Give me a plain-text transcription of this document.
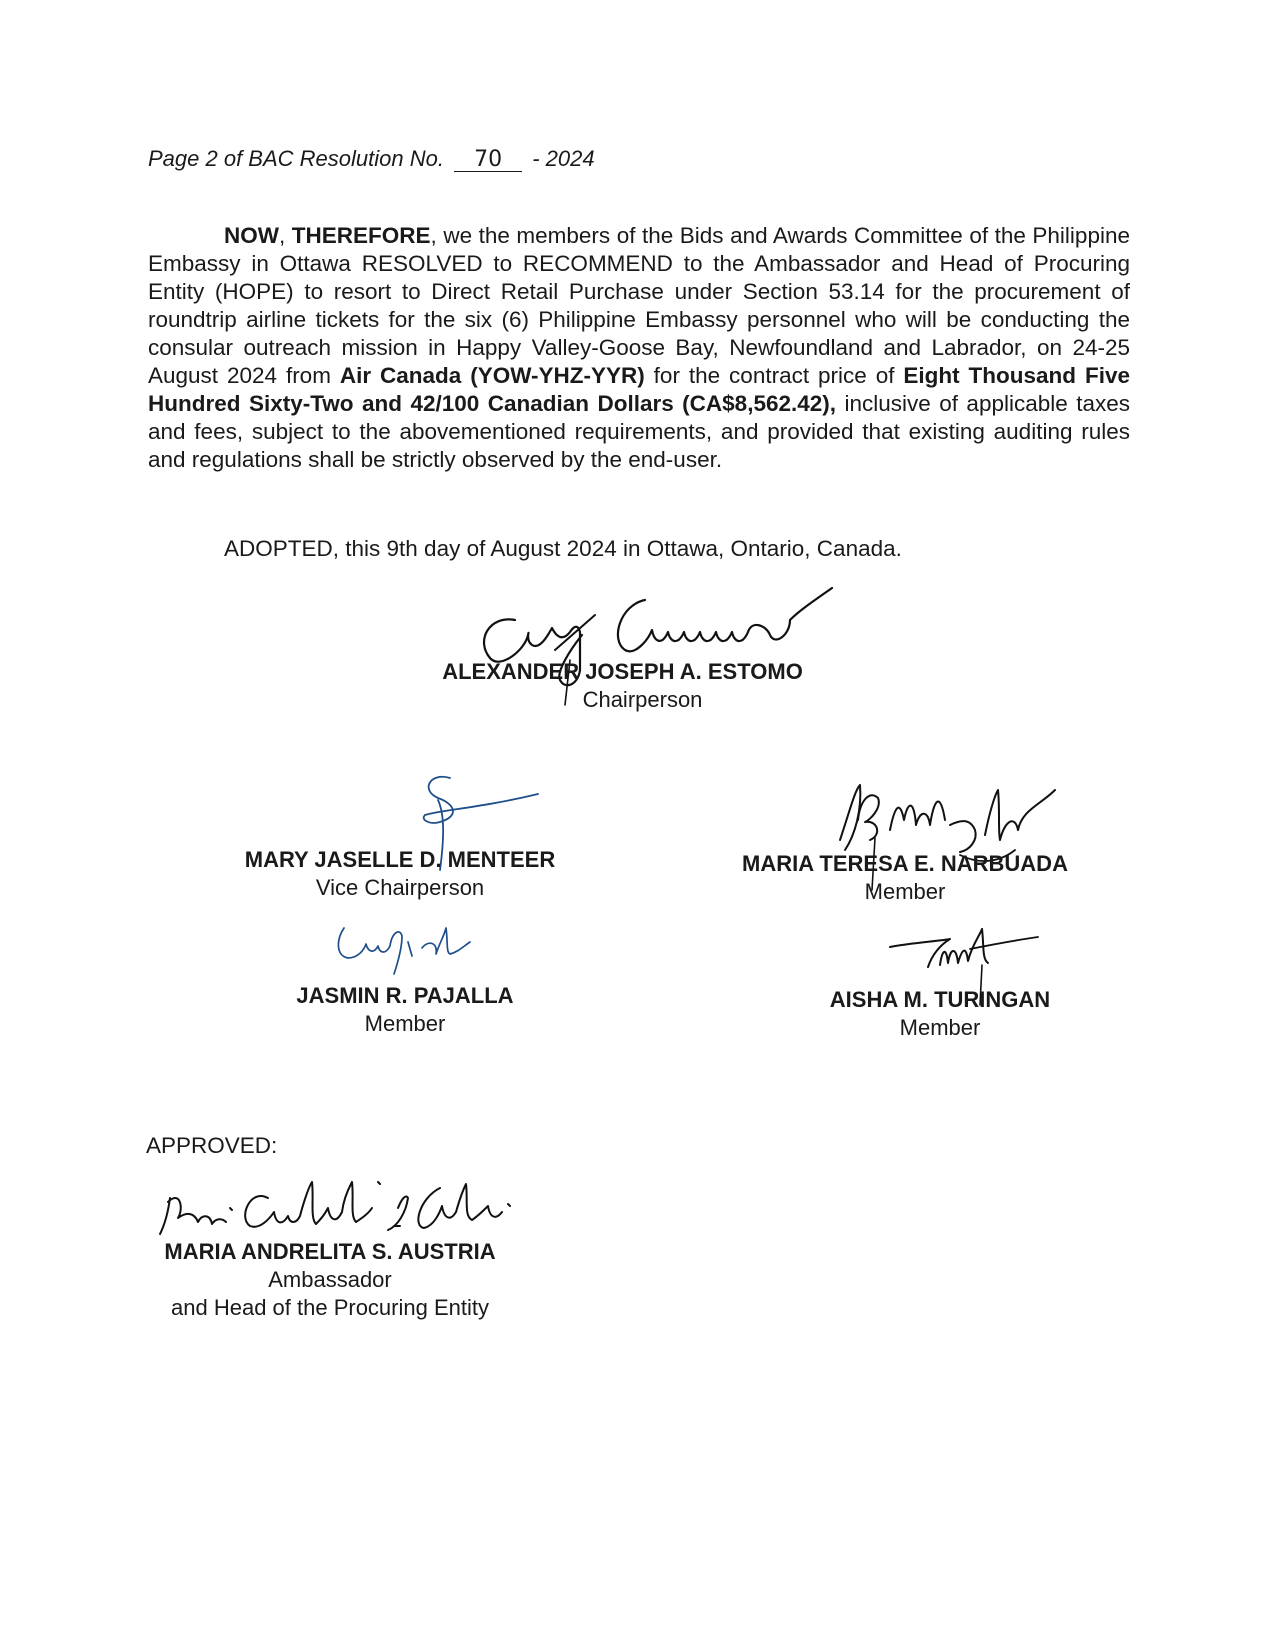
Page 2 of BAC Resolution No. 70 - 2024
NOW, THEREFORE, we the members of the Bids and Awards Committee of the Philippine Embassy in Ottawa RESOLVED to RECOMMEND to the Ambassador and Head of Procuring Entity (HOPE) to resort to Direct Retail Purchase under Section 53.14 for the procurement of roundtrip airline tickets for the six (6) Philippine Embassy personnel who will be conducting the consular outreach mission in Happy Valley-Goose Bay, Newfoundland and Labrador, on 24-25 August 2024 from Air Canada (YOW-YHZ-YYR) for the contract price of Eight Thousand Five Hundred Sixty-Two and 42/100 Canadian Dollars (CA$8,562.42), inclusive of applicable taxes and fees, subject to the abovementioned requirements, and provided that existing auditing rules and regulations shall be strictly observed by the end-user.
ADOPTED, this 9th day of August 2024 in Ottawa, Ontario, Canada.
ALEXANDER JOSEPH A. ESTOMO
Chairperson
MARY JASELLE D. MENTEER
Vice Chairperson
MARIA TERESA E. NARBUADA
Member
JASMIN R. PAJALLA
Member
AISHA M. TURINGAN
Member
APPROVED:
MARIA ANDRELITA S. AUSTRIA
Ambassador
and Head of the Procuring Entity
